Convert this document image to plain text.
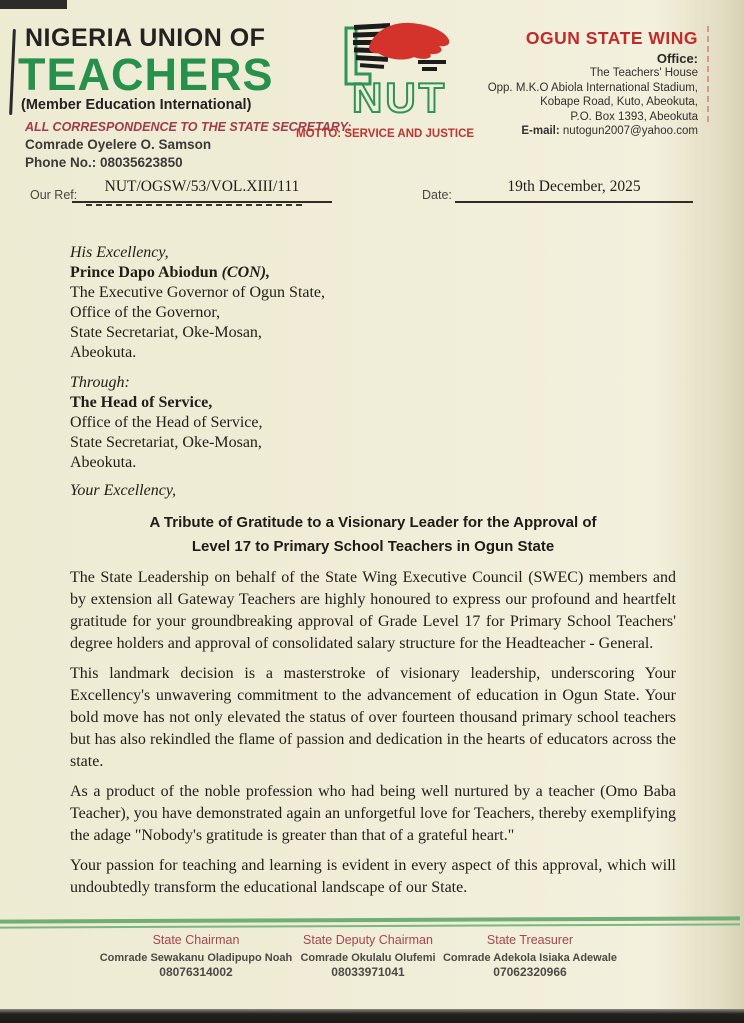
NIGERIA UNION OF
TEACHERS
(Member Education International)
ALL CORRESPONDENCE TO THE STATE SECRETARY:
Comrade Oyelere O. Samson
Phone No.: 08035623850
NUT
MOTTO: SERVICE AND JUSTICE
OGUN STATE WING
Office:
The Teachers' House
Opp. M.K.O Abiola International Stadium,
Kobape Road, Kuto, Abeokuta,
P.O. Box 1393, Abeokuta
E-mail: nutogun2007@yahoo.com
Our Ref:	NUT/OGSW/53/VOL.XIII/111	Date:	19th December, 2025
His Excellency,
Prince Dapo Abiodun (CON),
The Executive Governor of Ogun State,
Office of the Governor,
State Secretariat, Oke-Mosan,
Abeokuta.
Through:
The Head of Service,
Office of the Head of Service,
State Secretariat, Oke-Mosan,
Abeokuta.
Your Excellency,
A Tribute of Gratitude to a Visionary Leader for the Approval of
Level 17 to Primary School Teachers in Ogun State

The State Leadership on behalf of the State Wing Executive Council (SWEC) members and by extension all Gateway Teachers are highly honoured to express our profound and heartfelt gratitude for your groundbreaking approval of Grade Level 17 for Primary School Teachers' degree holders and approval of consolidated salary structure for the Headteacher - General.

This landmark decision is a masterstroke of visionary leadership, underscoring Your Excellency's unwavering commitment to the advancement of education in Ogun State. Your bold move has not only elevated the status of over fourteen thousand primary school teachers but has also rekindled the flame of passion and dedication in the hearts of educators across the state.

As a product of the noble profession who had being well nurtured by a teacher (Omo Baba Teacher), you have demonstrated again an unforgetful love for Teachers, thereby exemplifying the adage "Nobody's gratitude is greater than that of a grateful heart."

Your passion for teaching and learning is evident in every aspect of this approval, which will undoubtedly transform the educational landscape of our State.

State Chairman
Comrade Sewakanu Oladipupo Noah
08076314002
State Deputy Chairman
Comrade Okulalu Olufemi
08033971041
State Treasurer
Comrade Adekola Isiaka Adewale
07062320966
